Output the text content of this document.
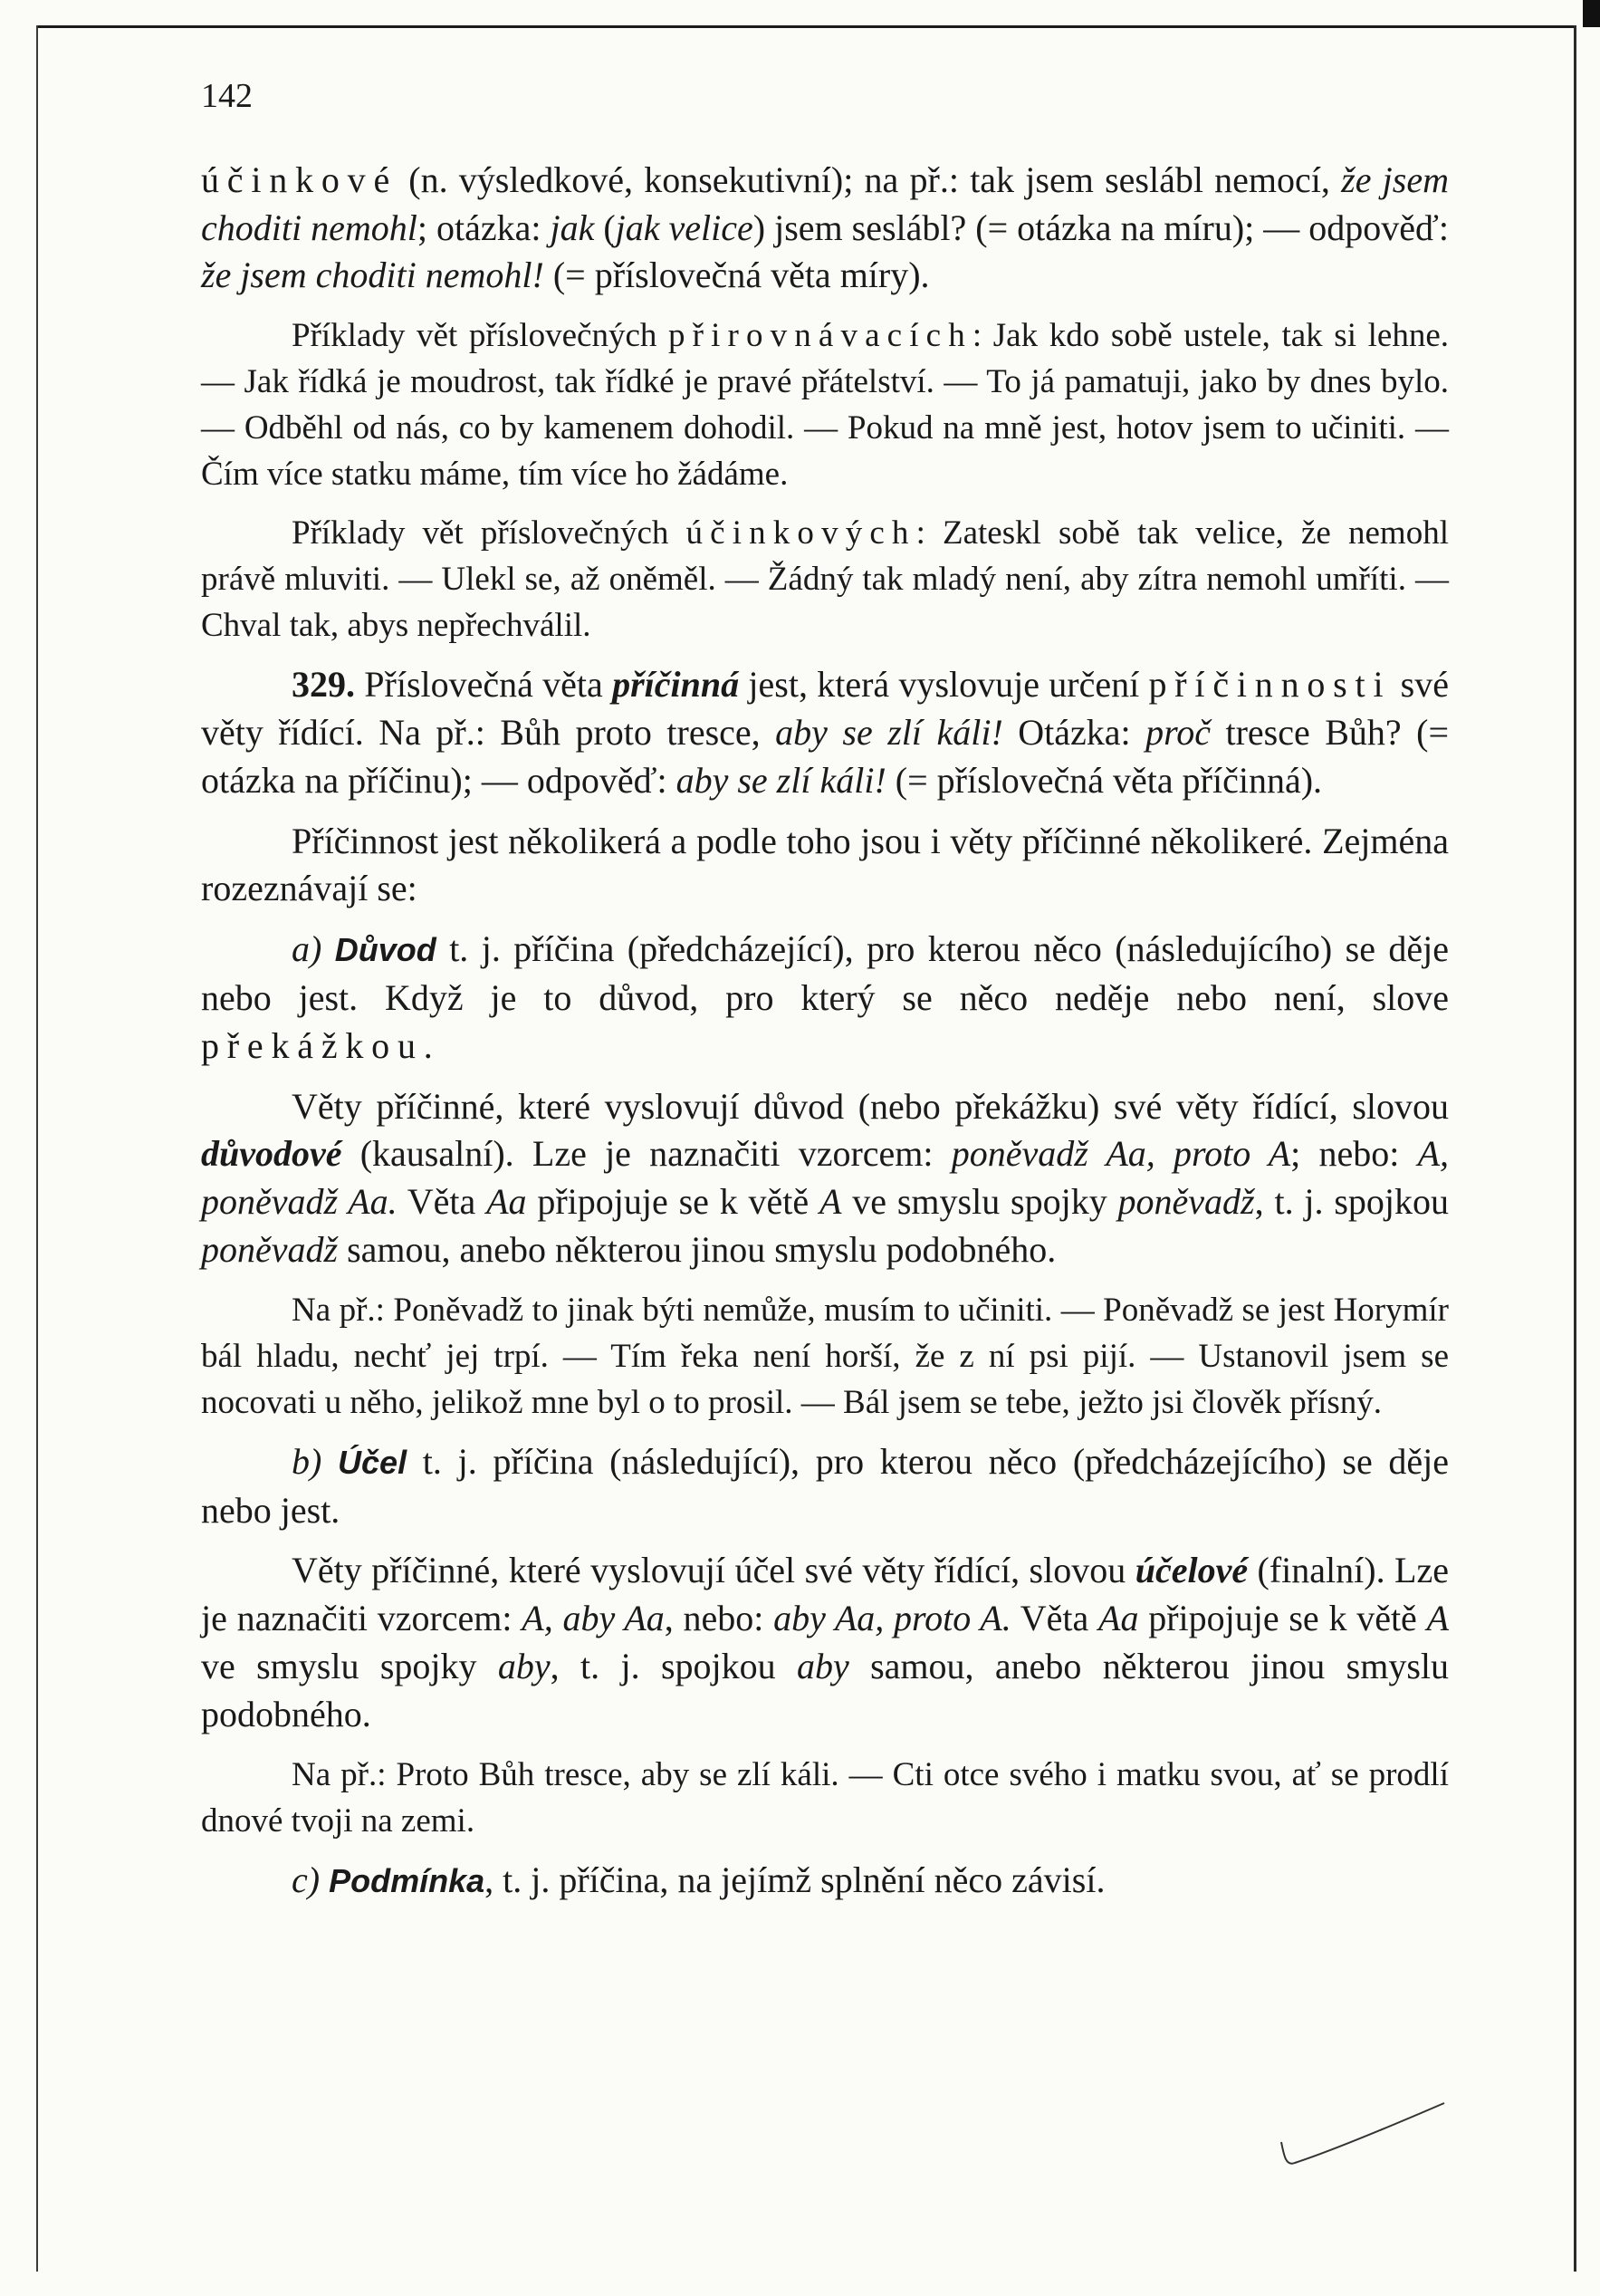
142

účinkové (n. výsledkové, konsekutivní); na př.: tak jsem seslábl nemocí, že jsem choditi nemohl; otázka: jak (jak velice) jsem seslábl? (= otázka na míru); — odpověď: že jsem choditi nemohl! (= příslovečná věta míry).

Příklady vět příslovečných přirovnávacích: Jak kdo sobě ustele, tak si lehne. — Jak řídká je moudrost, tak řídké je pravé přátelství. — To já pamatuji, jako by dnes bylo. — Odběhl od nás, co by kamenem dohodil. — Pokud na mně jest, hotov jsem to učiniti. — Čím více statku máme, tím více ho žádáme.

Příklady vět příslovečných účinkových: Zateskl sobě tak velice, že nemohl právě mluviti. — Ulekl se, až oněměl. — Žádný tak mladý není, aby zítra nemohl umříti. — Chval tak, abys nepřechválil.

329. Příslovečná věta příčinná jest, která vyslovuje určení příčinnosti své věty řídící. Na př.: Bůh proto tresce, aby se zlí káli! Otázka: proč tresce Bůh? (= otázka na příčinu); — odpověď: aby se zlí káli! (= příslovečná věta příčinná).

Příčinnost jest několikerá a podle toho jsou i věty příčinné několikeré. Zejména rozeznávají se:

a) Důvod t. j. příčina (předcházející), pro kterou něco (následujícího) se děje nebo jest. Když je to důvod, pro který se něco neděje nebo není, slove překážkou.

Věty příčinné, které vyslovují důvod (nebo překážku) své věty řídící, slovou důvodové (kausalní). Lze je naznačiti vzorcem: poněvadž Aa, proto A; nebo: A, poněvadž Aa. Věta Aa připojuje se k větě A ve smyslu spojky poněvadž, t. j. spojkou poněvadž samou, anebo některou jinou smyslu podobného.

Na př.: Poněvadž to jinak býti nemůže, musím to učiniti. — Poněvadž se jest Horymír bál hladu, nechť jej trpí. — Tím řeka není horší, že z ní psi pijí. — Ustanovil jsem se nocovati u něho, jelikož mne byl o to prosil. — Bál jsem se tebe, ježto jsi člověk přísný.

b) Účel t. j. příčina (následující), pro kterou něco (předcházejícího) se děje nebo jest.

Věty příčinné, které vyslovují účel své věty řídící, slovou účelové (finalní). Lze je naznačiti vzorcem: A, aby Aa, nebo: aby Aa, proto A. Věta Aa připojuje se k větě A ve smyslu spojky aby, t. j. spojkou aby samou, anebo některou jinou smyslu podobného.

Na př.: Proto Bůh tresce, aby se zlí káli. — Cti otce svého i matku svou, ať se prodlí dnové tvoji na zemi.

c) Podmínka, t. j. příčina, na jejímž splnění něco závisí.
